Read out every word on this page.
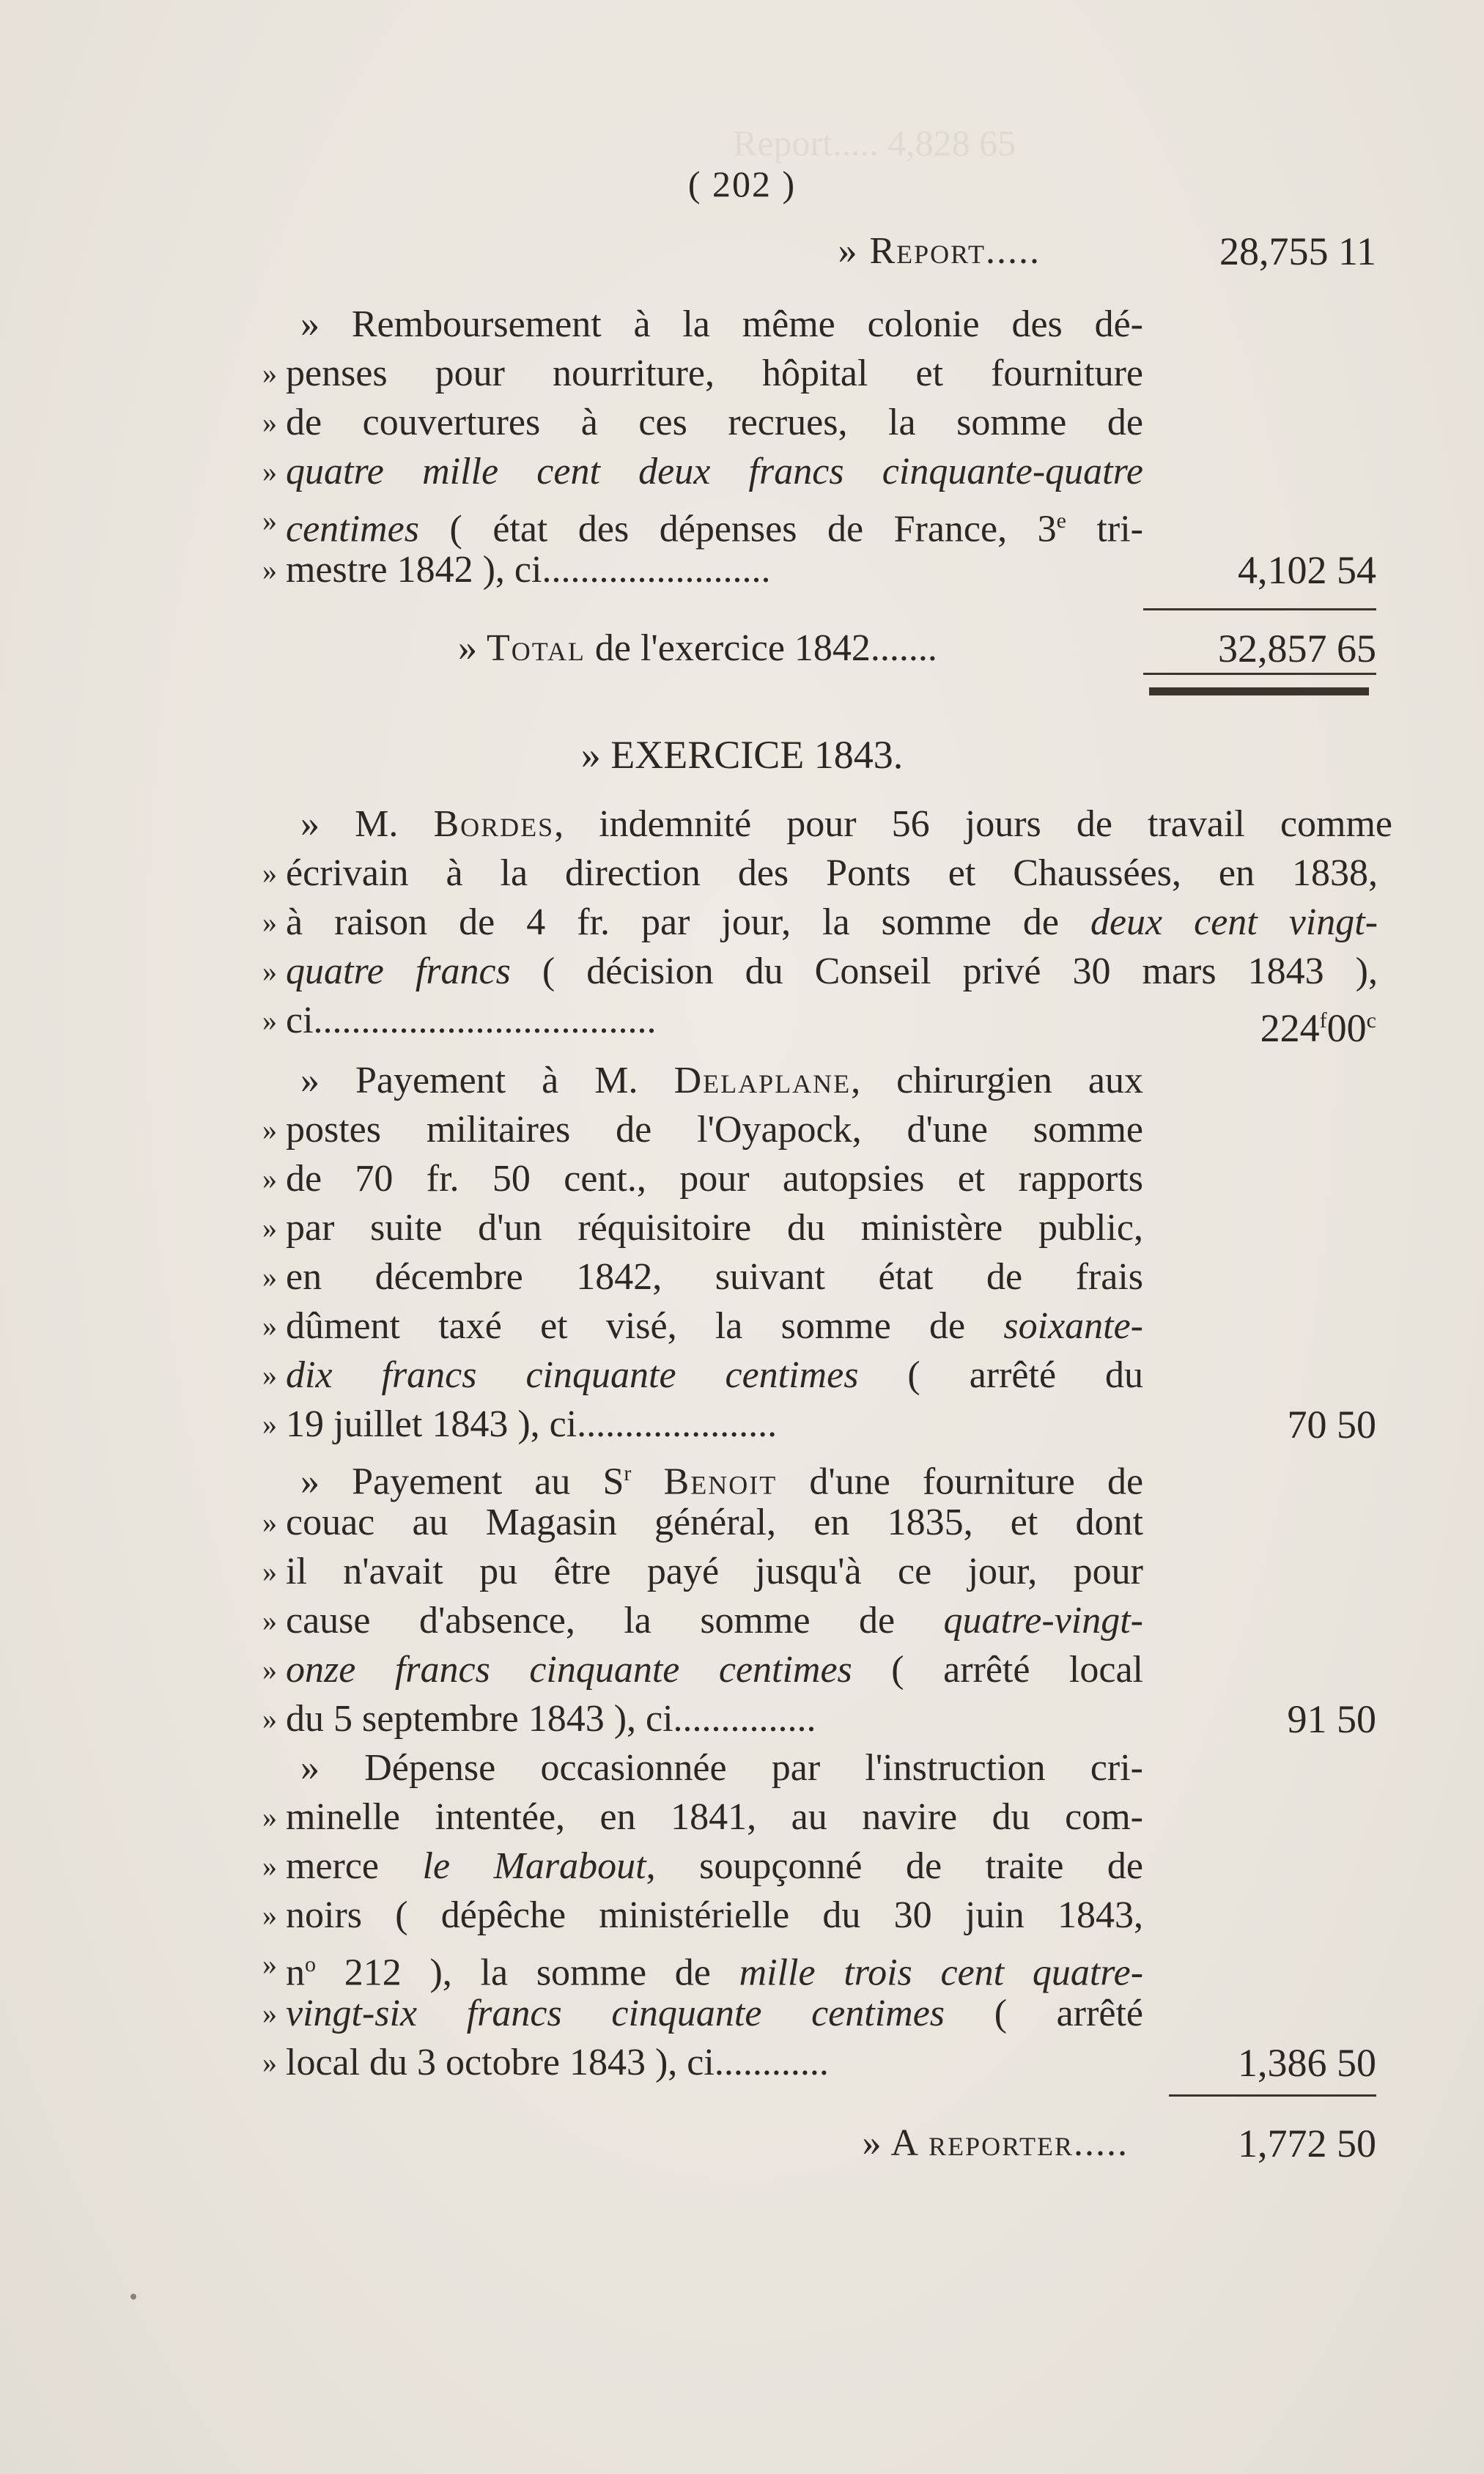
Report..... 4,828 65
( 202 )
» Report.....	28,755 11
» Remboursement à la même colonie des dé-
» penses pour nourriture, hôpital et fourniture
» de couvertures à ces recrues, la somme de
» quatre mille cent deux francs cinquante-quatre
» centimes ( état des dépenses de France, 3e tri-
» mestre 1842 ), ci........................	4,102 54
» Total de l'exercice 1842.......	32,857 65
» EXERCICE 1843.
» M. Bordes, indemnité pour 56 jours de travail comme
» écrivain à la direction des Ponts et Chaussées, en 1838,
» à raison de 4 fr. par jour, la somme de deux cent vingt-
» quatre francs ( décision du Conseil privé 30 mars 1843 ),
» ci....................................	224$^f$00$^c$
» Payement à M. Delaplane, chirurgien aux
» postes militaires de l'Oyapock, d'une somme
» de 70 fr. 50 cent., pour autopsies et rapports
» par suite d'un réquisitoire du ministère public,
» en décembre 1842, suivant état de frais
» dûment taxé et visé, la somme de soixante-
» dix francs cinquante centimes ( arrêté du
» 19 juillet 1843 ), ci.....................	70 50
» Payement au $S^r$ Benoit d'une fourniture de
» couac au Magasin général, en 1835, et dont
» il n'avait pu être payé jusqu'à ce jour, pour
» cause d'absence, la somme de quatre-vingt-
» onze francs cinquante centimes ( arrêté local
» du 5 septembre 1843 ), ci...............	91 50
» Dépense occasionnée par l'instruction cri-
» minelle intentée, en 1841, au navire du com-
» merce le Marabout, soupçonné de traite de
» noirs ( dépêche ministérielle du 30 juin 1843,
» $n^o$ 212 ), la somme de mille trois cent quatre-
» vingt-six francs cinquante centimes ( arrêté
» local du 3 octobre 1843 ), ci............	1,386 50
» A reporter.....	1,772 50
